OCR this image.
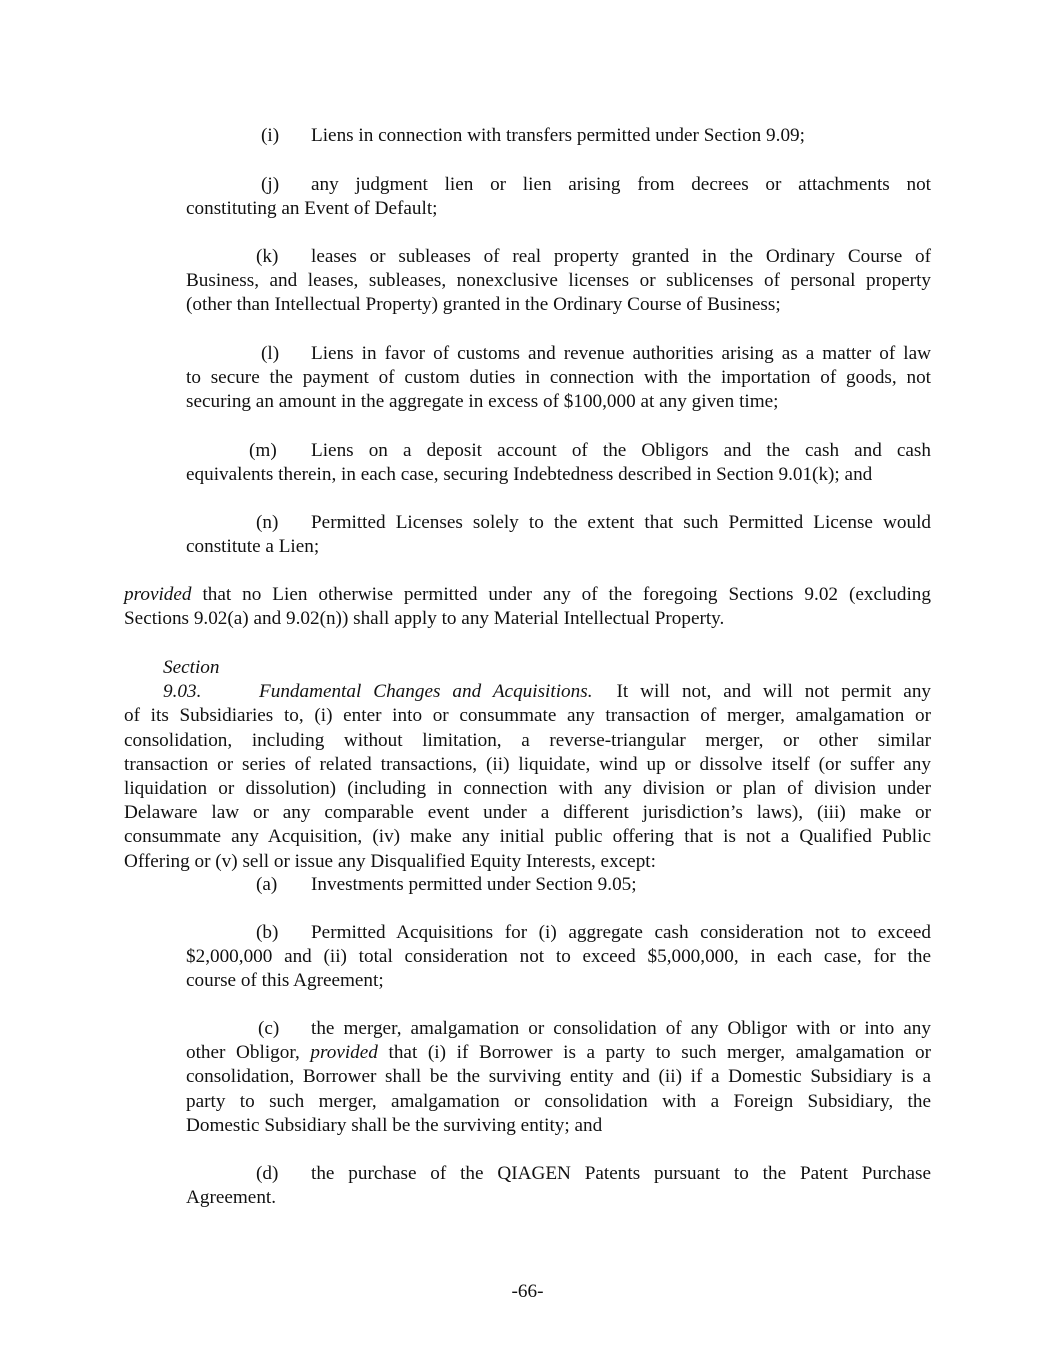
(i) Liens in connection with transfers permitted under Section 9.09;
(j) any judgment lien or lien arising from decrees or attachments not
constituting an Event of Default;
(k) leases or subleases of real property granted in the Ordinary Course of
Business, and leases, subleases, nonexclusive licenses or sublicenses of personal property
(other than Intellectual Property) granted in the Ordinary Course of Business;
(l) Liens in favor of customs and revenue authorities arising as a matter of law
to secure the payment of custom duties in connection with the importation of goods, not
securing an amount in the aggregate in excess of $100,000 at any given time;
(m) Liens on a deposit account of the Obligors and the cash and cash
equivalents therein, in each case, securing Indebtedness described in Section 9.01(k); and
(n) Permitted Licenses solely to the extent that such Permitted License would
constitute a Lien;
provided that no Lien otherwise permitted under any of the foregoing Sections 9.02 (excluding
Sections 9.02(a) and 9.02(n)) shall apply to any Material Intellectual Property.
Section 9.03.	Fundamental Changes and Acquisitions. It will not, and will not permit any
of its Subsidiaries to, (i) enter into or consummate any transaction of merger, amalgamation or
consolidation, including without limitation, a reverse-triangular merger, or other similar
transaction or series of related transactions, (ii) liquidate, wind up or dissolve itself (or suffer any
liquidation or dissolution) (including in connection with any division or plan of division under
Delaware law or any comparable event under a different jurisdiction’s laws), (iii) make or
consummate any Acquisition, (iv) make any initial public offering that is not a Qualified Public
Offering or (v) sell or issue any Disqualified Equity Interests, except:
(a) Investments permitted under Section 9.05;
(b) Permitted Acquisitions for (i) aggregate cash consideration not to exceed
$2,000,000 and (ii) total consideration not to exceed $5,000,000, in each case, for the
course of this Agreement;
(c) the merger, amalgamation or consolidation of any Obligor with or into any
other Obligor, provided that (i) if Borrower is a party to such merger, amalgamation or
consolidation, Borrower shall be the surviving entity and (ii) if a Domestic Subsidiary is a
party to such merger, amalgamation or consolidation with a Foreign Subsidiary, the
Domestic Subsidiary shall be the surviving entity; and
(d) the purchase of the QIAGEN Patents pursuant to the Patent Purchase
Agreement.
-66-
